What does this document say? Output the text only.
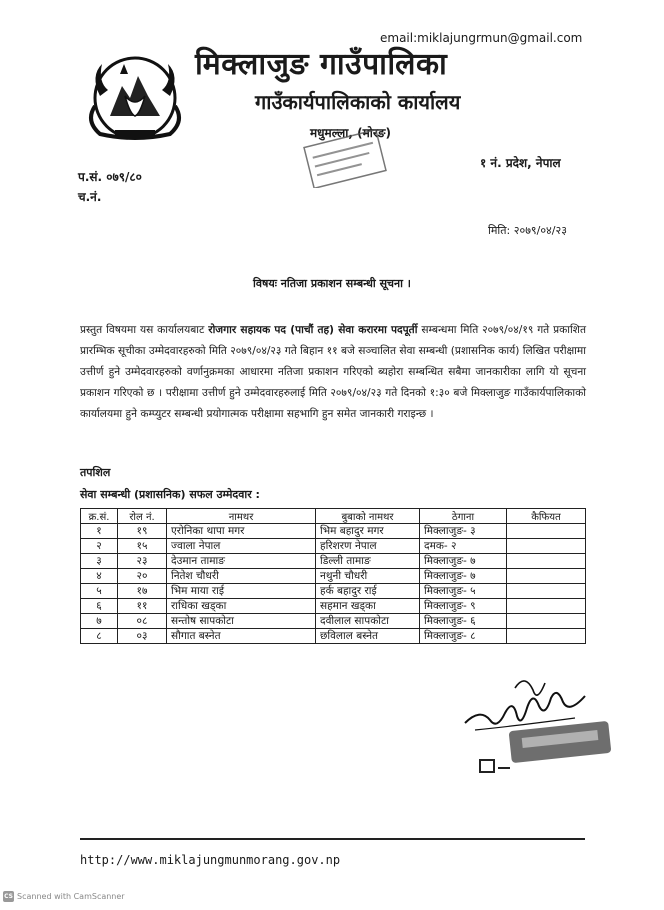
email:miklajungrmun@gmail.com
मिक्लाजुङ गाउँपालिका
गाउँकार्यपालिकाको कार्यालय
मधुमल्ला, (मोरङ)
१ नं. प्रदेश, नेपाल
प.सं. ०७९/८०
च.नं.
मिति: २०७९/०४/२३
विषयः नतिजा प्रकाशन सम्बन्धी सूचना ।
प्रस्तुत विषयमा यस कार्यालयबाट रोजगार सहायक पद (पाचौं तह) सेवा करारमा पदपूर्ती सम्बन्धमा मिति २०७९/०४/१९ गते प्रकाशित प्रारम्भिक सूचीका उम्मेदवारहरुको मिति २०७९/०४/२३ गते बिहान ११ बजे सञ्चालित सेवा सम्बन्धी (प्रशासनिक कार्य) लिखित परीक्षामा उत्तीर्ण हुने उम्मेदवारहरुको वर्णानुक्रमका आधारमा नतिजा प्रकाशन गरिएको ब्यहोरा सम्बन्धित सबैमा जानकारीका लागि यो सूचना प्रकाशन गरिएको छ । परीक्षामा उत्तीर्ण हुने उम्मेदवारहरुलाई मिति २०७९/०४/२३ गते दिनको १:३० बजे मिक्लाजुङ गाउँकार्यपालिकाको कार्यालयमा हुने कम्प्युटर सम्बन्धी प्रयोगात्मक परीक्षामा सहभागि हुन समेत जानकारी गराइन्छ ।
तपशिल
सेवा सम्बन्धी (प्रशासनिक) सफल उम्मेदवार :
क्र.सं.	रोल नं.	नामथर	बुबाको नामथर	ठेगाना	कैफियत
१	१९	एरोनिका थापा मगर	भिम बहादुर मगर	मिक्लाजुङ- ३	
२	१५	ज्वाला नेपाल	हरिशरण नेपाल	दमक- २	
३	२३	देउमान तामाङ	डिल्ली तामाङ	मिक्लाजुङ- ७	
४	२०	नितेश चौधरी	नथुनी चौधरी	मिक्लाजुङ- ७	
५	१७	भिम माया राई	हर्क बहादुर राई	मिक्लाजुङ- ५	
६	११	राधिका खड्का	सहमान खड्का	मिक्लाजुङ- ९	
७	०८	सन्तोष सापकोटा	दवीलाल सापकोटा	मिक्लाजुङ- ६	
८	०३	सौगात बस्नेत	छविलाल बस्नेत	मिक्लाजुङ- ८	
http://www.miklajungmunmorang.gov.np
CS Scanned with CamScanner
